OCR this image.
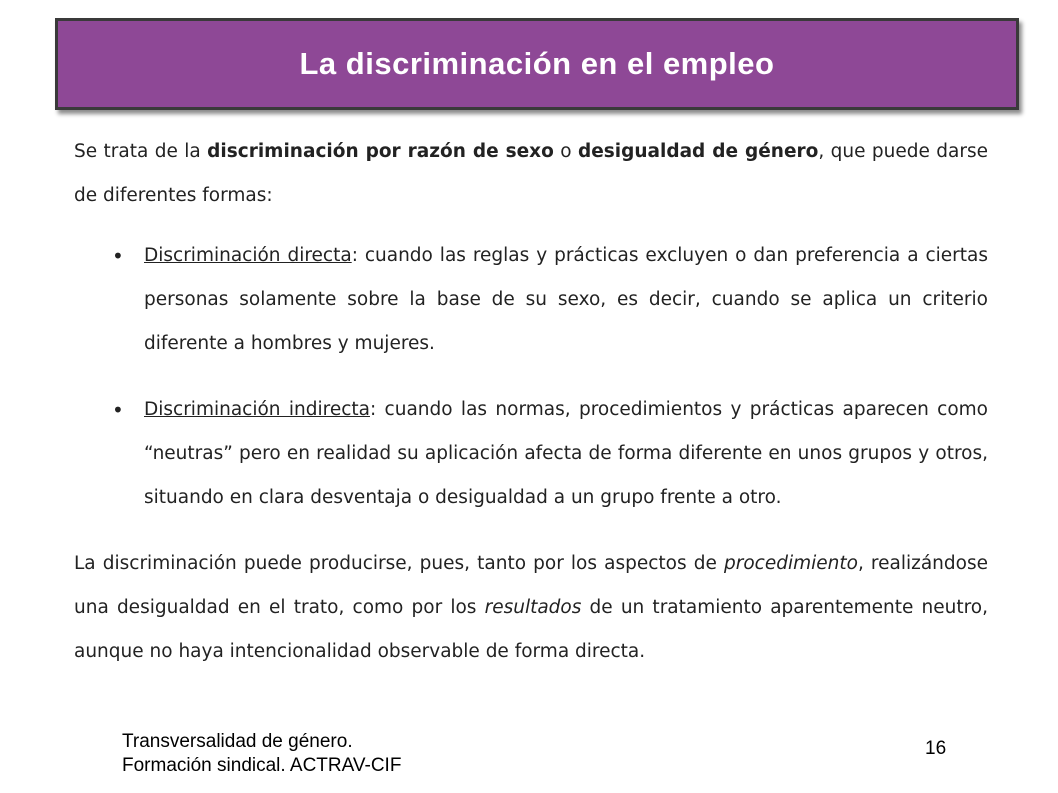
La discriminación en el empleo

Se trata de la discriminación por razón de sexo o desigualdad de género, que puede darse de diferentes formas:

• Discriminación directa: cuando las reglas y prácticas excluyen o dan preferencia a ciertas personas solamente sobre la base de su sexo, es decir, cuando se aplica un criterio diferente a hombres y mujeres.
• Discriminación indirecta: cuando las normas, procedimientos y prácticas aparecen como “neutras” pero en realidad su aplicación afecta de forma diferente en unos grupos y otros, situando en clara desventaja o desigualdad a un grupo frente a otro.

La discriminación puede producirse, pues, tanto por los aspectos de procedimiento, realizándose una desigualdad en el trato, como por los resultados de un tratamiento aparentemente neutro, aunque no haya intencionalidad observable de forma directa.

Transversalidad de género.
Formación sindical. ACTRAV-CIF
16
